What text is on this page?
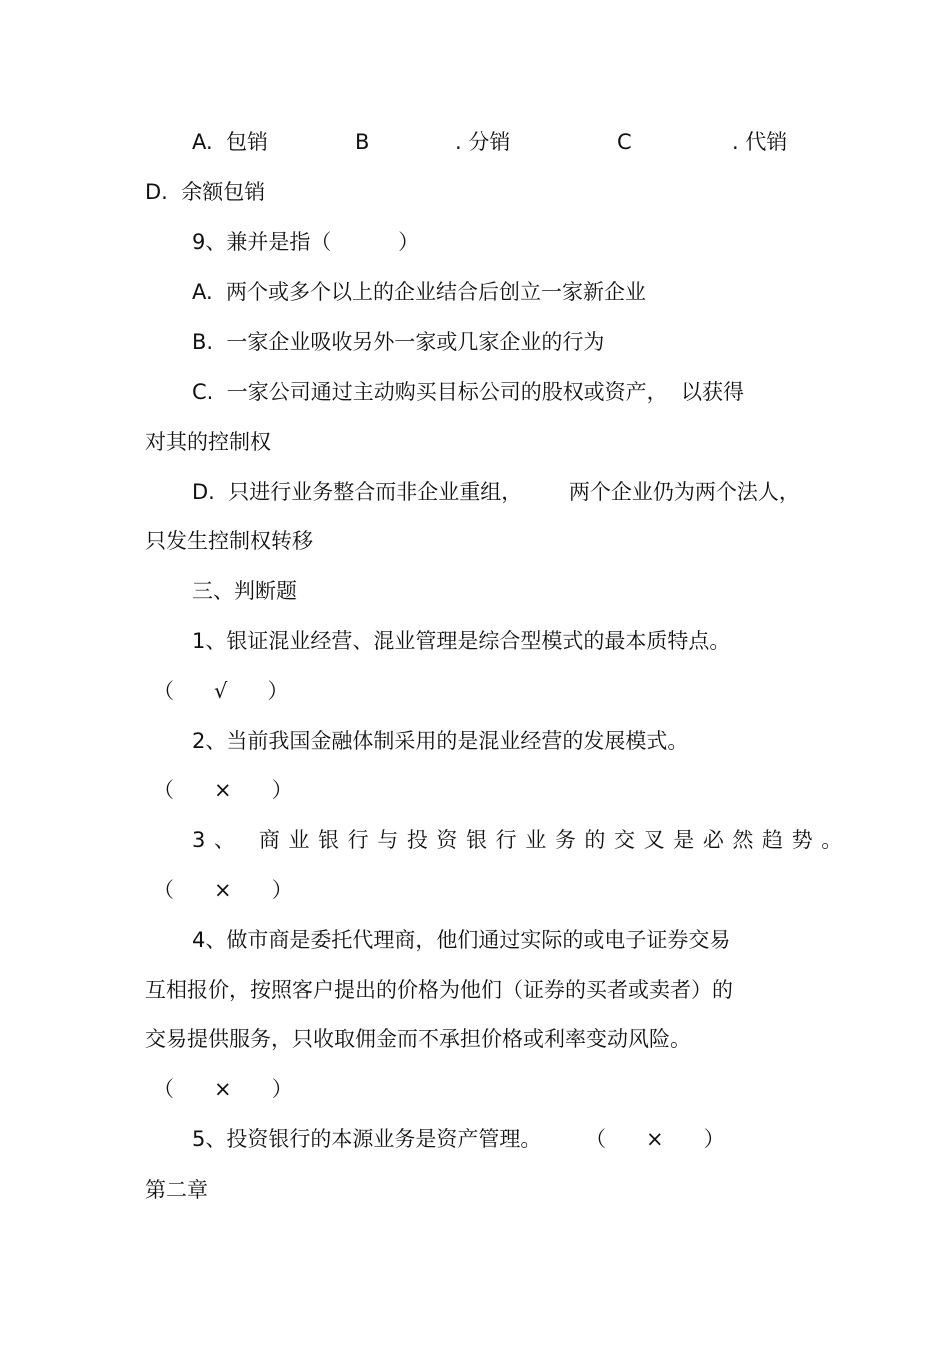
A.  包销	B	. 分销	C	. 代销
D.  余额包销
9、兼并是指（          ）
A.  两个或多个以上的企业结合后创立一家新企业
B.  一家企业吸收另外一家或几家企业的行为
C.  一家公司通过主动购买目标公司的股权或资产，  以获得
对其的控制权
D.  只进行业务整合而非企业重组，       两个企业仍为两个法人，
只发生控制权转移
三、判断题
1、银证混业经营、混业管理是综合型模式的最本质特点。
（      √      ）
2、当前我国金融体制采用的是混业经营的发展模式。
（      ×      ）
3、 商业银行与投资银行业务的交叉是必然趋势。
（      ×      ）
4、做市商是委托代理商，他们通过实际的或电子证券交易
互相报价，按照客户提出的价格为他们（证券的买者或卖者）的
交易提供服务，只收取佣金而不承担价格或利率变动风险。
（      ×      ）
5、投资银行的本源业务是资产管理。 （      ×      ）
第二章
